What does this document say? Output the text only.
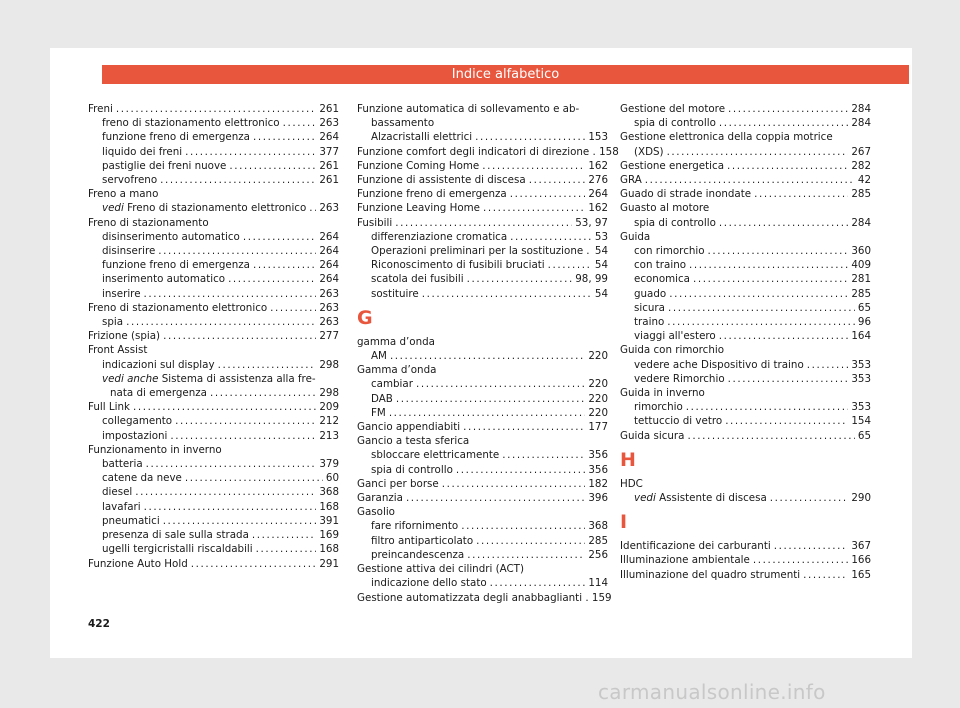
Indice alfabetico
Freni .....	261
freno di stazionamento elettronico .....	263
funzione freno di emergenza .....	264
liquido dei freni .....	377
pastiglie dei freni nuove .....	261
servofreno .....	261
Freno a mano
vedi Freno di stazionamento elettronico ..... 263
Freno di stazionamento
disinserimento automatico .....	264
disinserire .....	264
funzione freno di emergenza .....	264
inserimento automatico .....	264
inserire .....	263
Freno di stazionamento elettronico .....	263
spia .....	263
Frizione (spia) .....	277
Front Assist
indicazioni sul display .....	298
vedi anche Sistema di assistenza alla fre-
nata di emergenza .....	298
Full Link .....	209
collegamento .....	212
impostazioni .....	213
Funzionamento in inverno
batteria .....	379
catene da neve .....	60
diesel .....	368
lavafari .....	168
pneumatici .....	391
presenza di sale sulla strada .....	169
ugelli tergicristalli riscaldabili .....	168
Funzione Auto Hold .....	291
Funzione automatica di sollevamento e ab-
bassamento
Alzacristalli elettrici .....	153
Funzione comfort degli indicatori di direzione . 158
Funzione Coming Home .....	162
Funzione di assistente di discesa .....	276
Funzione freno di emergenza .....	264
Funzione Leaving Home .....	162
Fusibili .....	53, 97
differenziazione cromatica .....	53
Operazioni preliminari per la sostituzione ..... 54
Riconoscimento di fusibili bruciati .....	54
scatola dei fusibili .....	98, 99
sostituire .....	54
G
gamma d’onda
AM .....	220
Gamma d’onda
cambiar .....	220
DAB .....	220
FM .....	220
Gancio appendiabiti .....	177
Gancio a testa sferica
sbloccare elettricamente .....	356
spia di controllo .....	356
Ganci per borse .....	182
Garanzia .....	396
Gasolio
fare rifornimento .....	368
filtro antiparticolato .....	285
preincandescenza .....	256
Gestione attiva dei cilindri (ACT)
indicazione dello stato .....	114
Gestione automatizzata degli anabbaglianti . 159
Gestione del motore .....	284
spia di controllo .....	284
Gestione elettronica della coppia motrice
(XDS) .....	267
Gestione energetica .....	282
GRA .....	42
Guado di strade inondate .....	285
Guasto al motore
spia di controllo .....	284
Guida
con rimorchio .....	360
con traino .....	409
economica .....	281
guado .....	285
sicura .....	65
traino .....	96
viaggi all'estero .....	164
Guida con rimorchio
vedere ache Dispositivo di traino .....	353
vedere Rimorchio .....	353
Guida in inverno
rimorchio .....	353
tettuccio di vetro .....	154
Guida sicura .....	65
H
HDC
vedi Assistente di discesa .....	290
I
Identificazione dei carburanti .....	367
Illuminazione ambientale .....	166
Illuminazione del quadro strumenti .....	165
422
carmanualsonline.info
